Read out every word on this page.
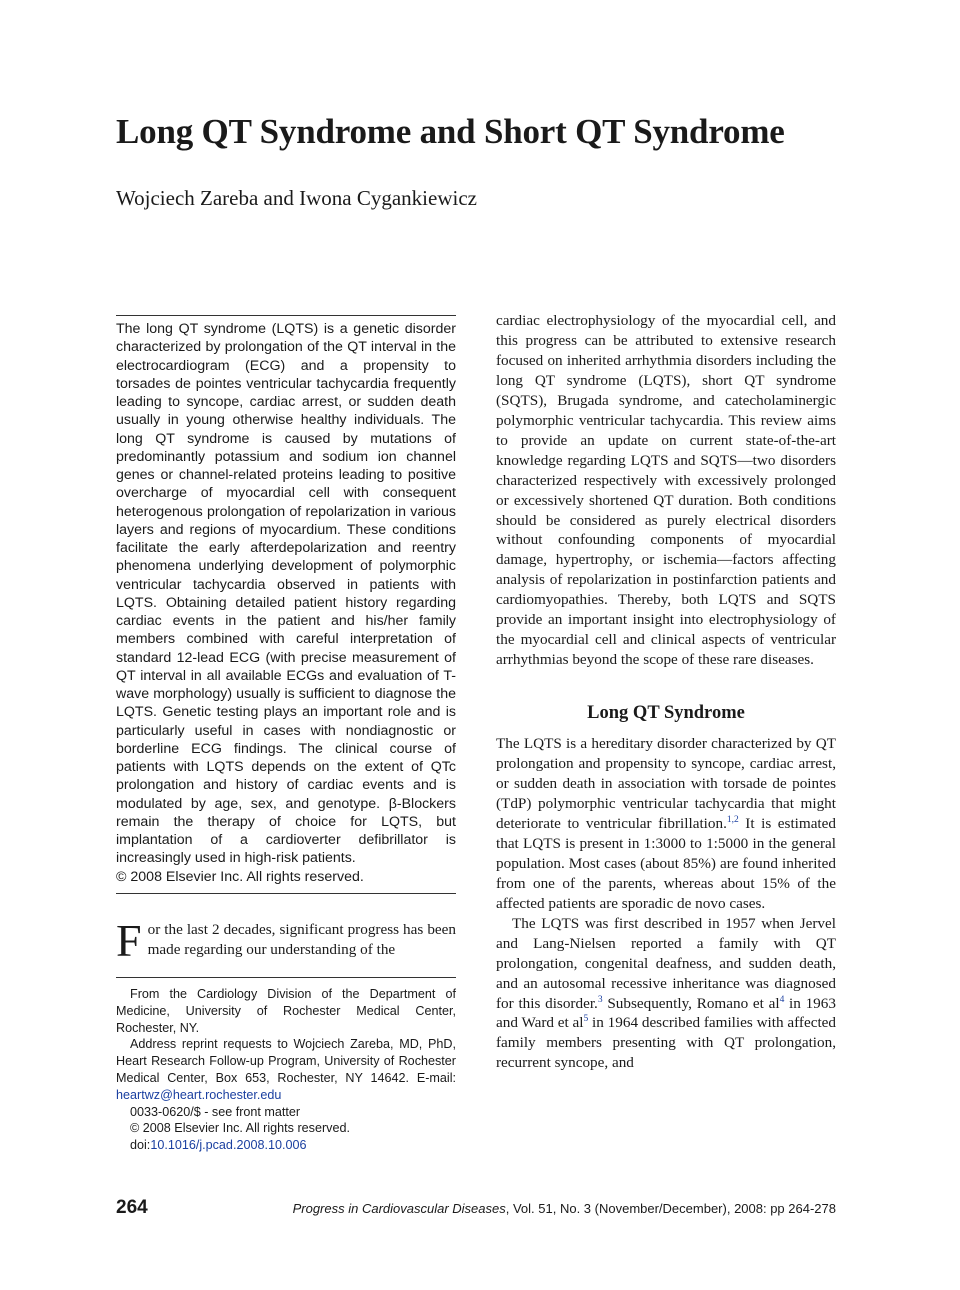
Long QT Syndrome and Short QT Syndrome
Wojciech Zareba and Iwona Cygankiewicz

The long QT syndrome (LQTS) is a genetic disorder characterized by prolongation of the QT interval in the electrocardiogram (ECG) and a propensity to torsades de pointes ventricular tachycardia frequently leading to syncope, cardiac arrest, or sudden death usually in young otherwise healthy individuals. The long QT syndrome is caused by mutations of predominantly potassium and sodium ion channel genes or channel-related proteins leading to positive overcharge of myocardial cell with consequent heterogenous prolongation of repolarization in various layers and regions of myocardium. These conditions facilitate the early afterdepolarization and reentry phenomena underlying development of polymorphic ventricular tachycardia observed in patients with LQTS. Obtaining detailed patient history regarding cardiac events in the patient and his/her family members combined with careful interpretation of standard 12-lead ECG (with precise measurement of QT interval in all available ECGs and evaluation of T-wave morphology) usually is sufficient to diagnose the LQTS. Genetic testing plays an important role and is particularly useful in cases with nondiagnostic or borderline ECG findings. The clinical course of patients with LQTS depends on the extent of QTc prolongation and history of cardiac events and is modulated by age, sex, and genotype. β-Blockers remain the therapy of choice for LQTS, but implantation of a cardioverter defibrillator is increasingly used in high-risk patients.

© 2008 Elsevier Inc. All rights reserved.

For the last 2 decades, significant progress has been made regarding our understanding of the

From the Cardiology Division of the Department of Medicine, University of Rochester Medical Center, Rochester, NY.

Address reprint requests to Wojciech Zareba, MD, PhD, Heart Research Follow-up Program, University of Rochester Medical Center, Box 653, Rochester, NY 14642. E-mail: heartwz@heart.rochester.edu

0033-0620/$ - see front matter

© 2008 Elsevier Inc. All rights reserved.

doi:10.1016/j.pcad.2008.10.006

cardiac electrophysiology of the myocardial cell, and this progress can be attributed to extensive research focused on inherited arrhythmia disorders including the long QT syndrome (LQTS), short QT syndrome (SQTS), Brugada syndrome, and catecholaminergic polymorphic ventricular tachycardia. This review aims to provide an update on current state-of-the-art knowledge regarding LQTS and SQTS—two disorders characterized respectively with excessively prolonged or excessively shortened QT duration. Both conditions should be considered as purely electrical disorders without confounding components of myocardial damage, hypertrophy, or ischemia—factors affecting analysis of repolarization in postinfarction patients and cardiomyopathies. Thereby, both LQTS and SQTS provide an important insight into electrophysiology of the myocardial cell and clinical aspects of ventricular arrhythmias beyond the scope of these rare diseases.

Long QT Syndrome

The LQTS is a hereditary disorder characterized by QT prolongation and propensity to syncope, cardiac arrest, or sudden death in association with torsade de pointes (TdP) polymorphic ventricular tachycardia that might deteriorate to ventricular fibrillation.$^{1,2}$ It is estimated that LQTS is present in 1:3000 to 1:5000 in the general population. Most cases (about 85%) are found inherited from one of the parents, whereas about 15% of the affected patients are sporadic de novo cases.

The LQTS was first described in 1957 when Jervel and Lang-Nielsen reported a family with QT prolongation, congenital deafness, and sudden death, and an autosomal recessive inheritance was diagnosed for this disorder.$^3$ Subsequently, Romano et $al^4$ in 1963 and Ward et $al^5$ in 1964 described families with affected family members presenting with QT prolongation, recurrent syncope, and

264	Progress in Cardiovascular Diseases, Vol. 51, No. 3 (November/December), 2008: pp 264-278
